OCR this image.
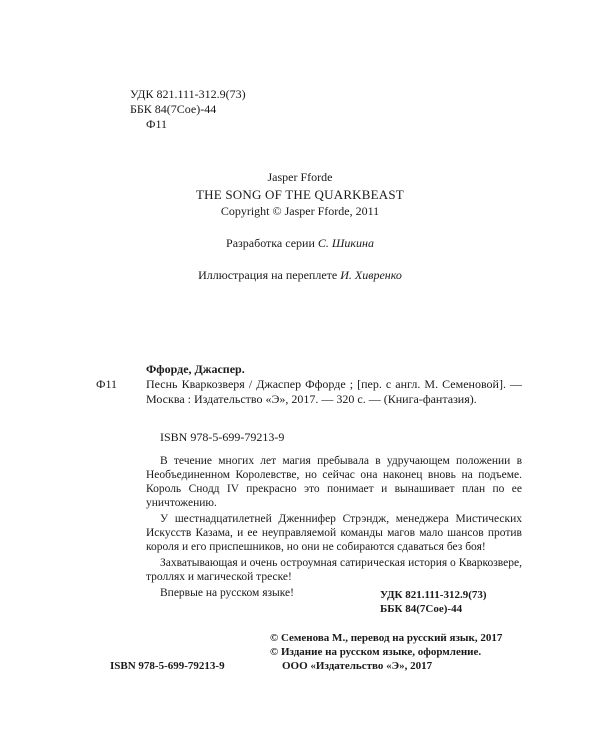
УДК 821.111-312.9(73)
ББК 84(7Сое)-44
Ф11
Jasper Fforde
THE SONG OF THE QUARKBEAST
Copyright © Jasper Fforde, 2011
Разработка серии С. Шикина
Иллюстрация на переплете И. Хивренко
Ффорде, Джаспер.
Ф11 Песнь Кваркозверя / Джаспер Ффорде ; [пер. с англ. М. Семеновой]. — Москва : Издательство «Э», 2017. — 320 с. — (Книга-фантазия).
ISBN 978-5-699-79213-9

В течение многих лет магия пребывала в удручающем положении в Необъединенном Королевстве, но сейчас она наконец вновь на подъеме. Король Снодд IV прекрасно это понимает и вынашивает план по ее уничтожению.

У шестнадцатилетней Дженнифер Стрэндж, менеджера Мистических Искусств Казама, и ее неуправляемой команды магов мало шансов против короля и его приспешников, но они не собираются сдаваться без боя!

Захватывающая и очень остроумная сатирическая история о Кваркозвере, троллях и магической треске!

Впервые на русском языке!	УДК 821.111-312.9(73)
ББК 84(7Сое)-44
ISBN 978-5-699-79213-9
© Семенова М., перевод на русский язык, 2017
© Издание на русском языке, оформление.
ООО «Издательство «Э», 2017
